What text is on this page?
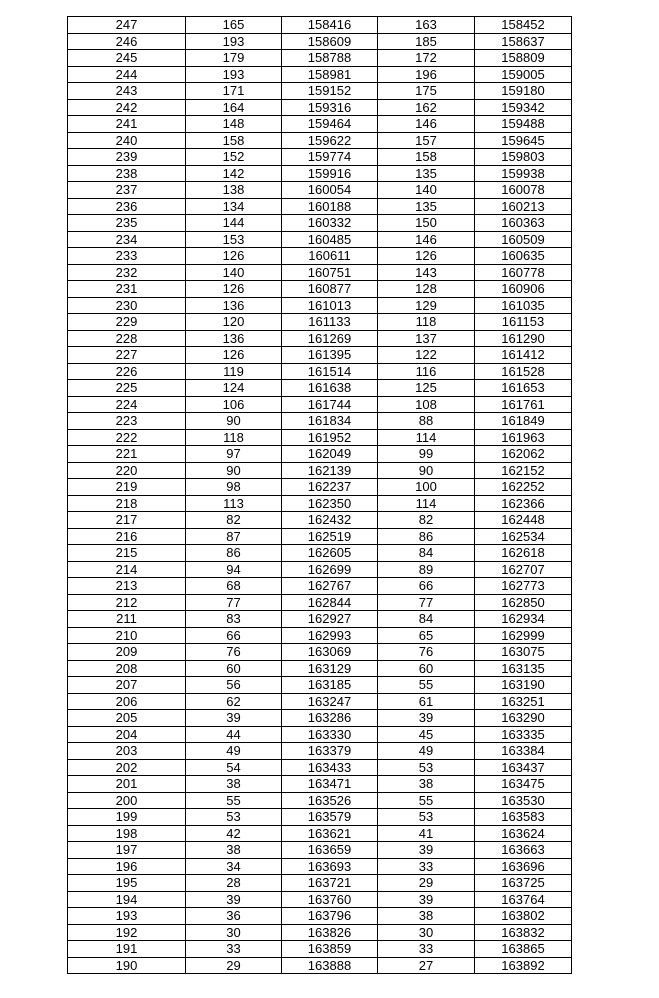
247	165	158416	163	158452
246	193	158609	185	158637
245	179	158788	172	158809
244	193	158981	196	159005
243	171	159152	175	159180
242	164	159316	162	159342
241	148	159464	146	159488
240	158	159622	157	159645
239	152	159774	158	159803
238	142	159916	135	159938
237	138	160054	140	160078
236	134	160188	135	160213
235	144	160332	150	160363
234	153	160485	146	160509
233	126	160611	126	160635
232	140	160751	143	160778
231	126	160877	128	160906
230	136	161013	129	161035
229	120	161133	118	161153
228	136	161269	137	161290
227	126	161395	122	161412
226	119	161514	116	161528
225	124	161638	125	161653
224	106	161744	108	161761
223	90	161834	88	161849
222	118	161952	114	161963
221	97	162049	99	162062
220	90	162139	90	162152
219	98	162237	100	162252
218	113	162350	114	162366
217	82	162432	82	162448
216	87	162519	86	162534
215	86	162605	84	162618
214	94	162699	89	162707
213	68	162767	66	162773
212	77	162844	77	162850
211	83	162927	84	162934
210	66	162993	65	162999
209	76	163069	76	163075
208	60	163129	60	163135
207	56	163185	55	163190
206	62	163247	61	163251
205	39	163286	39	163290
204	44	163330	45	163335
203	49	163379	49	163384
202	54	163433	53	163437
201	38	163471	38	163475
200	55	163526	55	163530
199	53	163579	53	163583
198	42	163621	41	163624
197	38	163659	39	163663
196	34	163693	33	163696
195	28	163721	29	163725
194	39	163760	39	163764
193	36	163796	38	163802
192	30	163826	30	163832
191	33	163859	33	163865
190	29	163888	27	163892
